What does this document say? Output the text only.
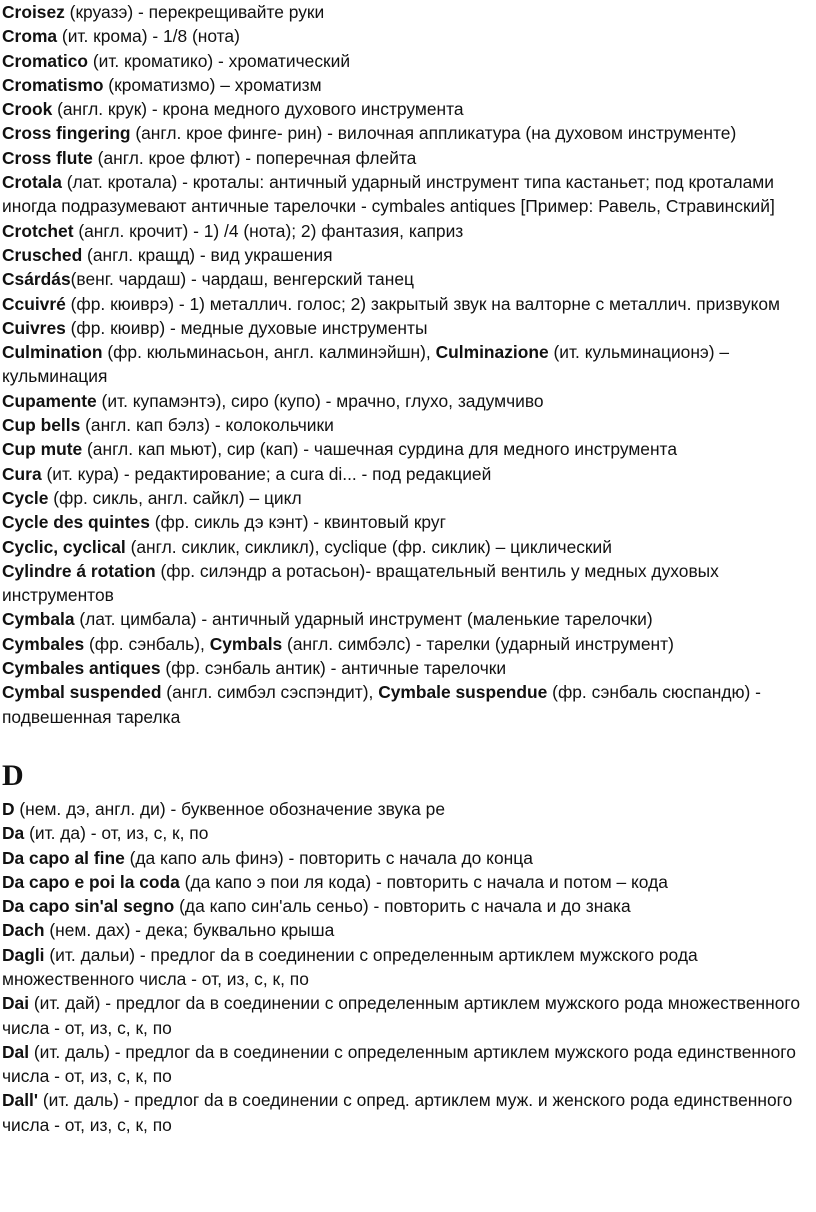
Croisez (круазэ) - перекрещивайте руки

Croma (ит. крома) - 1/8 (нота)

Cromatico (ит. кроматико) - хроматический

Cromatismo (кроматизмо) – хроматизм

Crook (англ. крук) - крона медного духового инструмента

Cross fingering (англ. крое финге- рин) - вилочная аппликатура (на духовом инструменте)

Cross flute (англ. крое флют) - поперечная флейта

Crotala (лат. кротала) - кроталы: античный ударный инструмент типа кастаньет; под кроталами иногда подразумевают античные тарелочки - cymbales antiques [Пример: Равель, Стравинский]

Crotchet (англ. крочит) - 1) /4 (нота); 2) фантазия, каприз

Crusched (англ. кращд) - вид украшения

Csárdás(венг. чардаш) - чардаш, венгерский танец

Ccuivré (фр. кюиврэ) - 1) металлич. голос; 2) закрытый звук на валторне с металлич. призвуком

Cuivres (фр. кюивр) - медные духовые инструменты

Culmination (фр. кюльминасьон, англ. калминэйшн), Culminazione (ит. кульминационэ) – кульминация

Cupamente (ит. купамэнтэ), сиро (купо) - мрачно, глухо, задумчиво

Cup bells (англ. кап бэлз) - колокольчики

Cup mute (англ. кап мьют), сир (кап) - чашечная сурдина для медного инструмента

Cura (ит. кура) - редактирование; a cura di... - под редакцией

Cycle (фр. сикль, англ. сайкл) – цикл

Cycle des quintes (фр. сикль дэ кэнт) - квинтовый круг

Cyclic, cyclical (англ. сиклик, сикликл), cyclique (фр. сиклик) – циклический

Cylindre á rotation (фр. силэндр а ротасьон)- вращательный вентиль у медных духовых инструментов

Cymbala (лат. цимбала) - античный ударный инструмент (маленькие тарелочки)

Cymbales (фр. сэнбаль), Cymbals (англ. симбэлс) - тарелки (ударный инструмент)

Cymbales antiques (фр. сэнбаль антик) - античные тарелочки

Cymbal suspended (англ. симбэл сэспэндит), Cymbale suspendue (фр. сэнбаль сюспандю) - подвешенная тарелка

D

D (нем. дэ, англ. ди) - буквенное обозначение звука ре

Da (ит. да) - от, из, с, к, по

Da capo al fine (да капо аль финэ) - повторить с начала до конца

Da capo e poi la coda (да капо э пои ля кода) - повторить с начала и потом – кода

Da capo sin'al segno (да капо син'аль сеньо) - повторить с начала и до знака

Dach (нем. дах) - дека; буквально крыша

Dagli (ит. дальи) - предлог da в соединении с определенным артиклем мужского рода множественного числа - от, из, с, к, по

Dai (ит. дай) - предлог da в соединении с определенным артиклем мужского рода множественного числа - от, из, с, к, по

Dal (ит. даль) - предлог da в соединении с определенным артиклем мужского рода единственного числа - от, из, с, к, по

Dall' (ит. даль) - предлог da в соединении с опред. артиклем муж. и женского рода единственного числа - от, из, с, к, по
